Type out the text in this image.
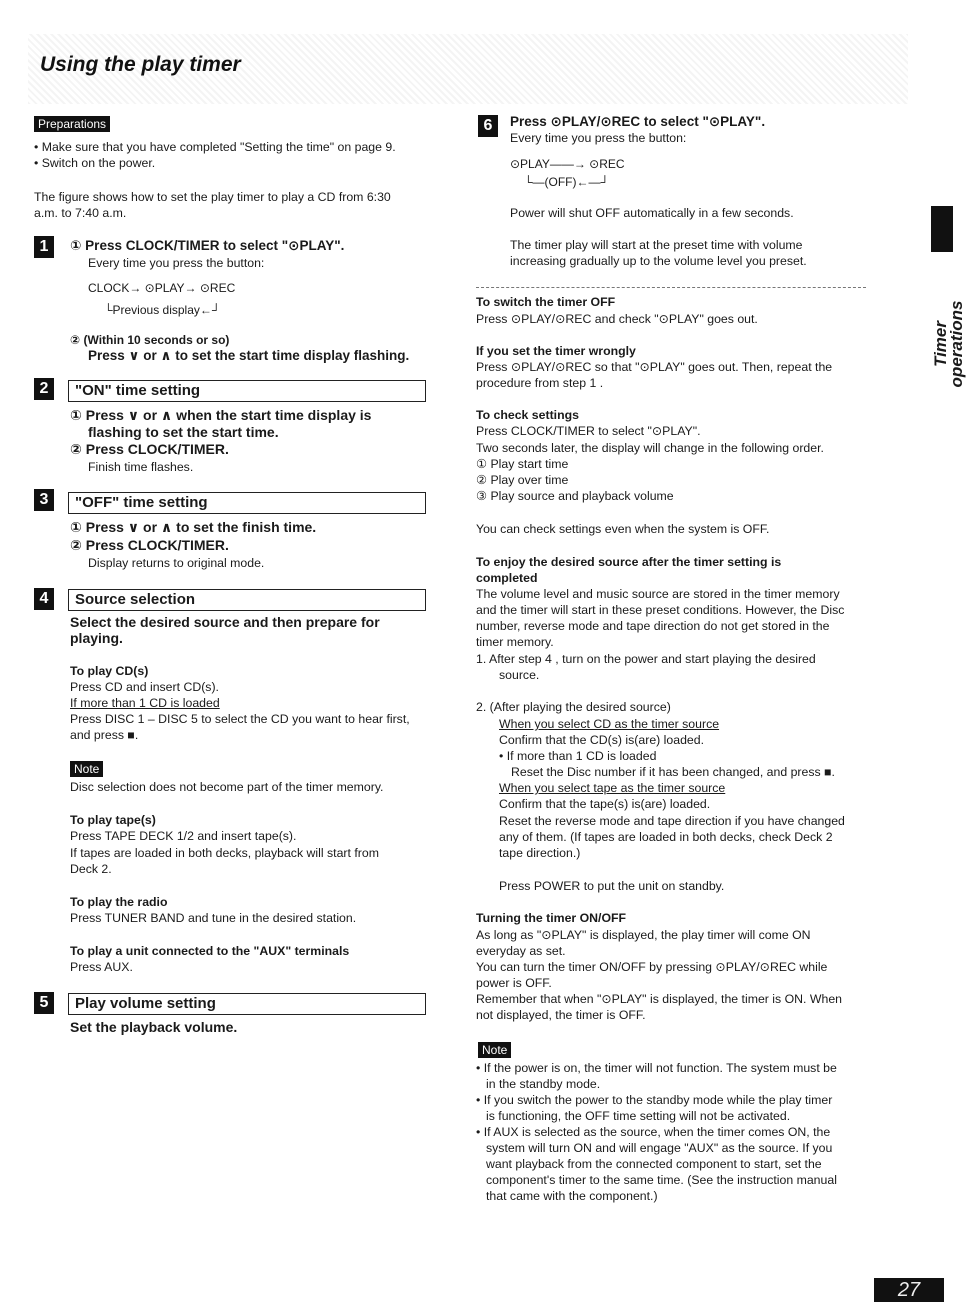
Using the play timer
Preparations
• Make sure that you have completed "Setting the time" on page 9.
• Switch on the power.
The figure shows how to set the play timer to play a CD from 6:30
a.m. to 7:40 a.m.
1	① Press CLOCK/TIMER to select "⊙PLAY".
Every time you press the button:
CLOCK→ ⊙PLAY→ ⊙REC
└Previous display←┘
② (Within 10 seconds or so)
Press ∨ or ∧ to set the start time display flashing.
2	"ON" time setting
① Press ∨ or ∧ when the start time display is
flashing to set the start time.
② Press CLOCK/TIMER.
Finish time flashes.
3	"OFF" time setting
① Press ∨ or ∧ to set the finish time.
② Press CLOCK/TIMER.
Display returns to original mode.
4	Source selection
Select the desired source and then prepare for
playing.
To play CD(s)
Press CD and insert CD(s).
If more than 1 CD is loaded
Press DISC 1 – DISC 5 to select the CD you want to hear first,
and press ■.
Note
Disc selection does not become part of the timer memory.
To play tape(s)
Press TAPE DECK 1/2 and insert tape(s).
If tapes are loaded in both decks, playback will start from
Deck 2.
To play the radio
Press TUNER BAND and tune in the desired station.
To play a unit connected to the "AUX" terminals
Press AUX.
5	Play volume setting
Set the playback volume.
6	Press ⊙PLAY/⊙REC to select "⊙PLAY".
Every time you press the button:
⊙PLAY——→ ⊙REC
└—(OFF)←—┘
Power will shut OFF automatically in a few seconds.
The timer play will start at the preset time with volume
increasing gradually up to the volume level you preset.
To switch the timer OFF
Press ⊙PLAY/⊙REC and check "⊙PLAY" goes out.
If you set the timer wrongly
Press ⊙PLAY/⊙REC so that "⊙PLAY" goes out. Then, repeat the
procedure from step 1 .
To check settings
Press CLOCK/TIMER to select "⊙PLAY".
Two seconds later, the display will change in the following order.
① Play start time
② Play over time
③ Play source and playback volume
You can check settings even when the system is OFF.
To enjoy the desired source after the timer setting is
completed
The volume level and music source are stored in the timer memory
and the timer will start in these preset conditions. However, the Disc
number, reverse mode and tape direction do not get stored in the
timer memory.
1. After step 4 , turn on the power and start playing the desired
source.
2. (After playing the desired source)
When you select CD as the timer source
Confirm that the CD(s) is(are) loaded.
• If more than 1 CD is loaded
Reset the Disc number if it has been changed, and press ■.
When you select tape as the timer source
Confirm that the tape(s) is(are) loaded.
Reset the reverse mode and tape direction if you have changed
any of them. (If tapes are loaded in both decks, check Deck 2
tape direction.)
Press POWER to put the unit on standby.
Turning the timer ON/OFF
As long as "⊙PLAY" is displayed, the play timer will come ON
everyday as set.
You can turn the timer ON/OFF by pressing ⊙PLAY/⊙REC while
power is OFF.
Remember that when "⊙PLAY" is displayed, the timer is ON. When
not displayed, the timer is OFF.
Note
• If the power is on, the timer will not function. The system must be
in the standby mode.
• If you switch the power to the standby mode while the play timer
is functioning, the OFF time setting will not be activated.
• If AUX is selected as the source, when the timer comes ON, the
system will turn ON and will engage "AUX" as the source. If you
want playback from the connected component to start, set the
component's timer to the same time. (See the instruction manual
that came with the component.)
Timer operations
27
